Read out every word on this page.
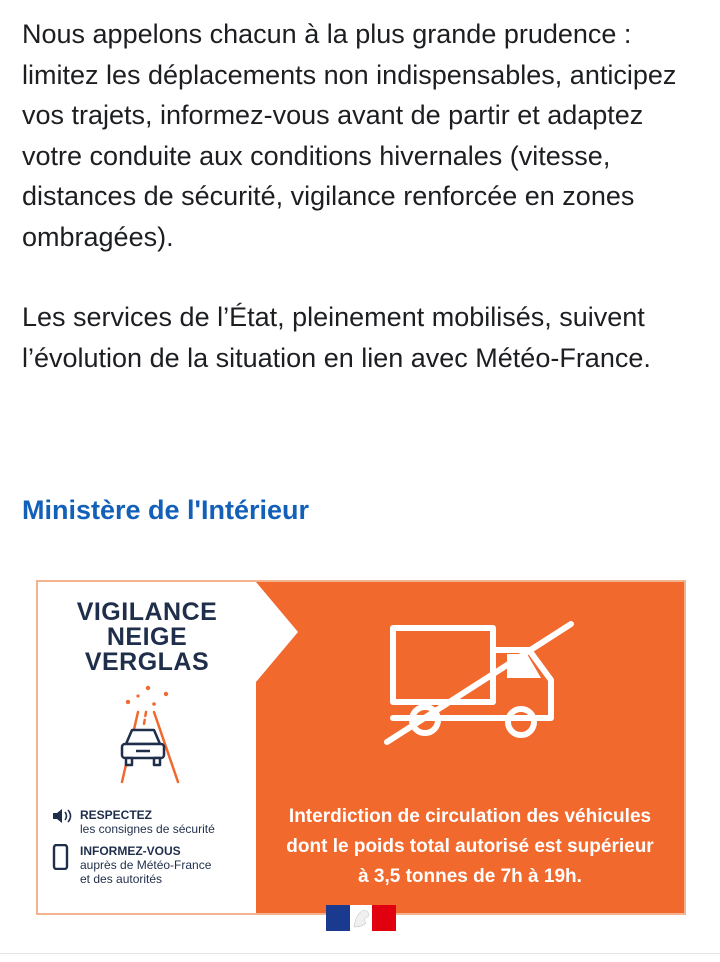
Nous appelons chacun à la plus grande prudence : limitez les déplacements non indispensables, anticipez vos trajets, informez-vous avant de partir et adaptez votre conduite aux conditions hivernales (vitesse, distances de sécurité, vigilance renforcée en zones ombragées).

Les services de l’État, pleinement mobilisés, suivent l’évolution de la situation en lien avec Météo-France.

Ministère de l'Intérieur
VIGILANCE
NEIGE
VERGLAS
RESPECTEZ
les consignes de sécurité
INFORMEZ-VOUS
auprès de Météo-France
et des autorités
Interdiction de circulation des véhicules
dont le poids total autorisé est supérieur
à 3,5 tonnes de 7h à 19h.
